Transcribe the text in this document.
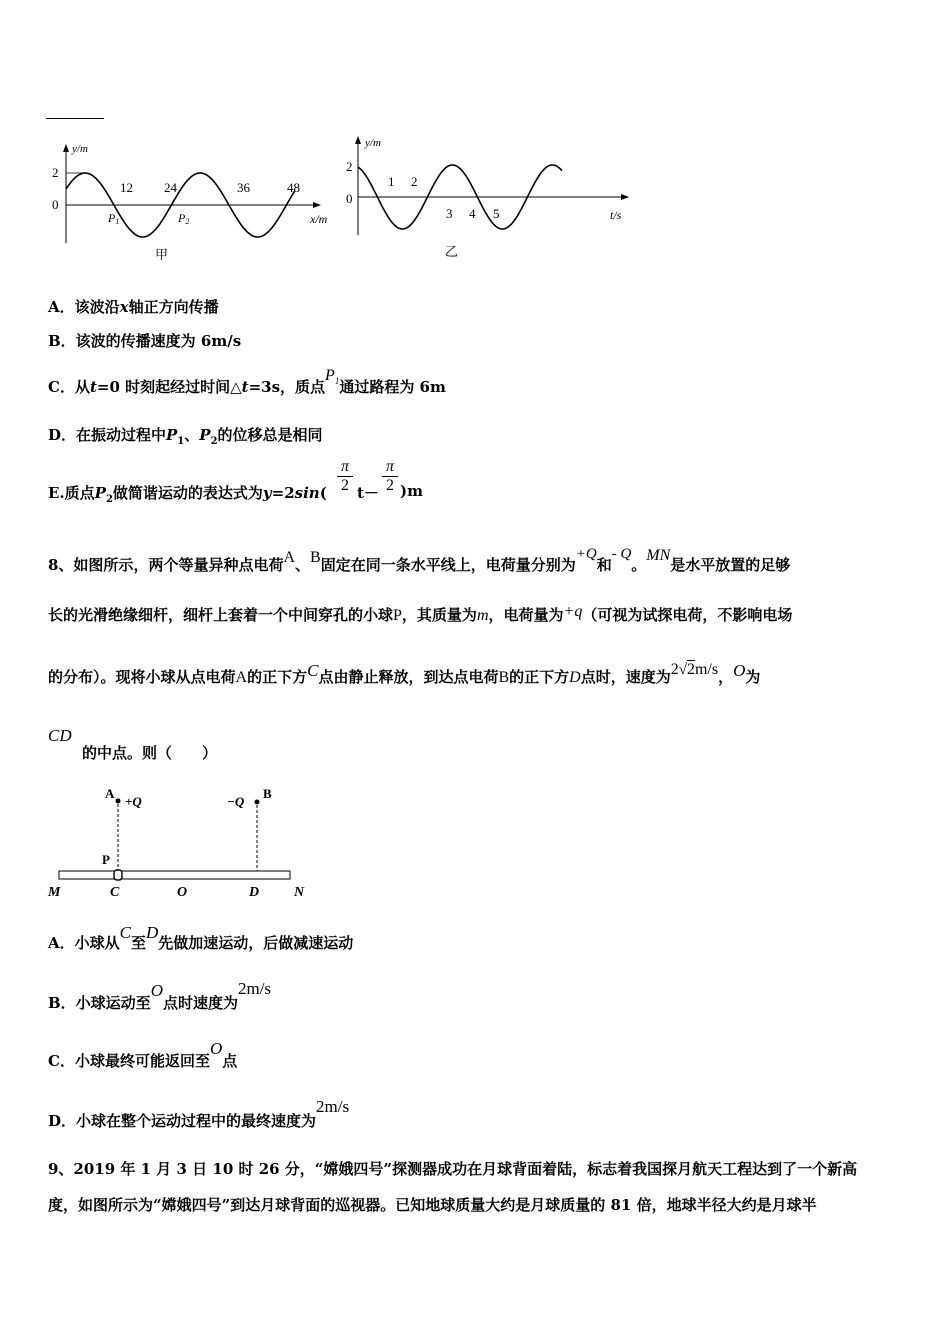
y/m
2
0
12 24	36	48
x/m
P1	P2
甲
y/m
2
0
1 2
3 4 5	t/s
乙
A．该波沿x轴正方向传播
B．该波的传播速度为 6m/s
C．从t=0 时刻起经过时间△t=3s，质点$P_1$通过路程为 6m
D．在振动过程中$P_1$、$P_2$的位移总是相同
E.质点$P_2$做简谐运动的表达式为y=2sin(
π
2 t－
π
2 )m
8、如图所示，两个等量异种点电荷A、B固定在同一条水平线上，电荷量分别为+Q和- Q。MN是水平放置的足够
长的光滑绝缘细杆，细杆上套着一个中间穿孔的小球P，其质量为m，电荷量为+q（可视为试探电荷，不影响电场
的分布）。现将小球从点电荷A的正下方C点由静止释放，到达点电荷B的正下方D点时，速度为2√2m/s，O为
CD
的中点。则（　　）
A
+Q	−Q
B
P
M	C	O	D N
A．小球从C至D先做加速运动，后做减速运动
B．小球运动至O点时速度为2m/s
C．小球最终可能返回至O点
D．小球在整个运动过程中的最终速度为2m/s
9、2019 年 1 月 3 日 10 时 26 分，“嫦娥四号”探测器成功在月球背面着陆，标志着我国探月航天工程达到了一个新高
度，如图所示为“嫦娥四号”到达月球背面的巡视器。已知地球质量大约是月球质量的 81 倍，地球半径大约是月球半
